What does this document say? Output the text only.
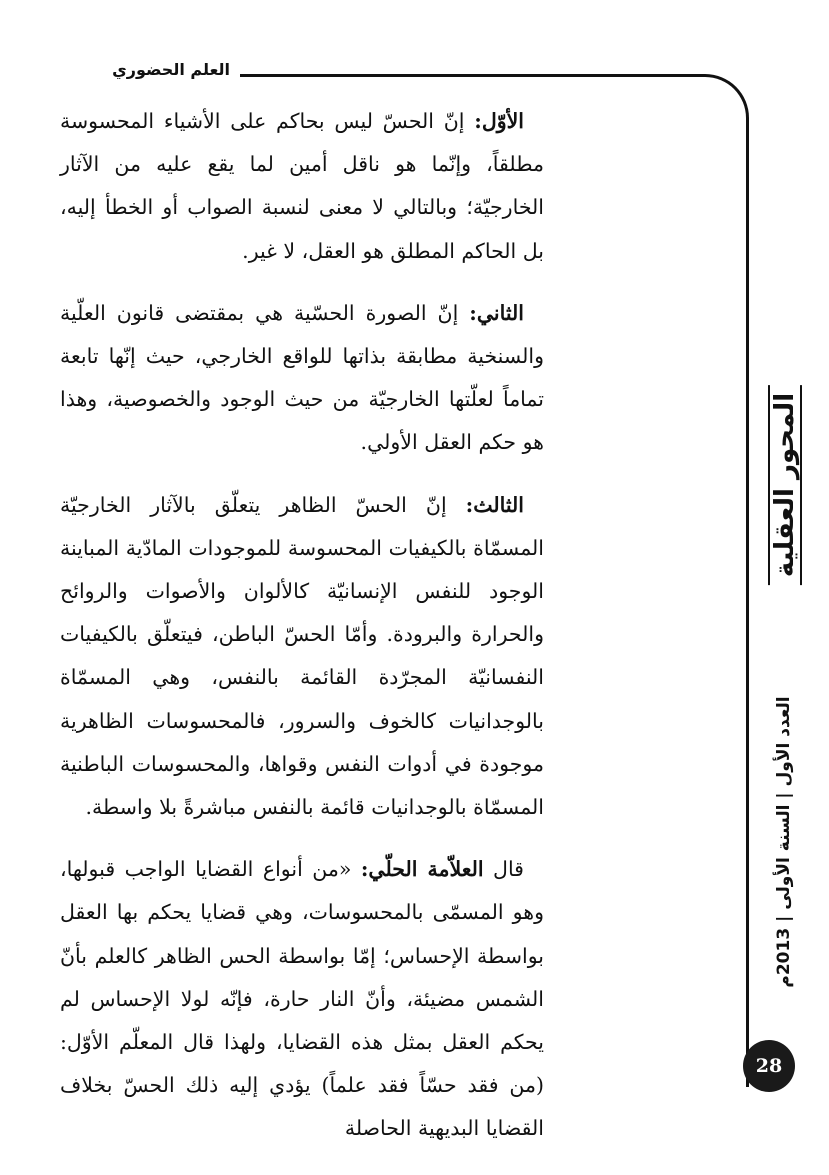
العلم الحضوري

الأوّل: إنّ الحسّ ليس بحاكم على الأشياء المحسوسة مطلقاً، وإنّما هو ناقل أمين لما يقع عليه من الآثار الخارجيّة؛ وبالتالي لا معنى لنسبة الصواب أو الخطأ إليه، بل الحاكم المطلق هو العقل، لا غير.

الثاني: إنّ الصورة الحسّية هي بمقتضى قانون العلّية والسنخية مطابقة بذاتها للواقع الخارجي، حيث إنّها تابعة تماماً لعلّتها الخارجيّة من حيث الوجود والخصوصية، وهذا هو حكم العقل الأولي.

الثالث: إنّ الحسّ الظاهر يتعلّق بالآثار الخارجيّة المسمّاة بالكيفيات المحسوسة للموجودات المادّية المباينة الوجود للنفس الإنسانيّة كالألوان والأصوات والروائح والحرارة والبرودة. وأمّا الحسّ الباطن، فيتعلّق بالكيفيات النفسانيّة المجرّدة القائمة بالنفس، وهي المسمّاة بالوجدانيات كالخوف والسرور، فالمحسوسات الظاهرية موجودة في أدوات النفس وقواها، والمحسوسات الباطنية المسمّاة بالوجدانيات قائمة بالنفس مباشرةً بلا واسطة.

قال العلاّمة الحلّي: «من أنواع القضايا الواجب قبولها، وهو المسمّى بالمحسوسات، وهي قضايا يحكم بها العقل بواسطة الإحساس؛ إمّا بواسطة الحس الظاهر كالعلم بأنّ الشمس مضيئة، وأنّ النار حارة، فإنّه لولا الإحساس لم يحكم العقل بمثل هذه القضايا، ولهذا قال المعلّم الأوّل: (من فقد حسّاً فقد علماً) يؤدي إليه ذلك الحسّ بخلاف القضايا البديهية الحاصلة

المحور العقلية
العدد الأول | السنة الأولى | 2013م
28
